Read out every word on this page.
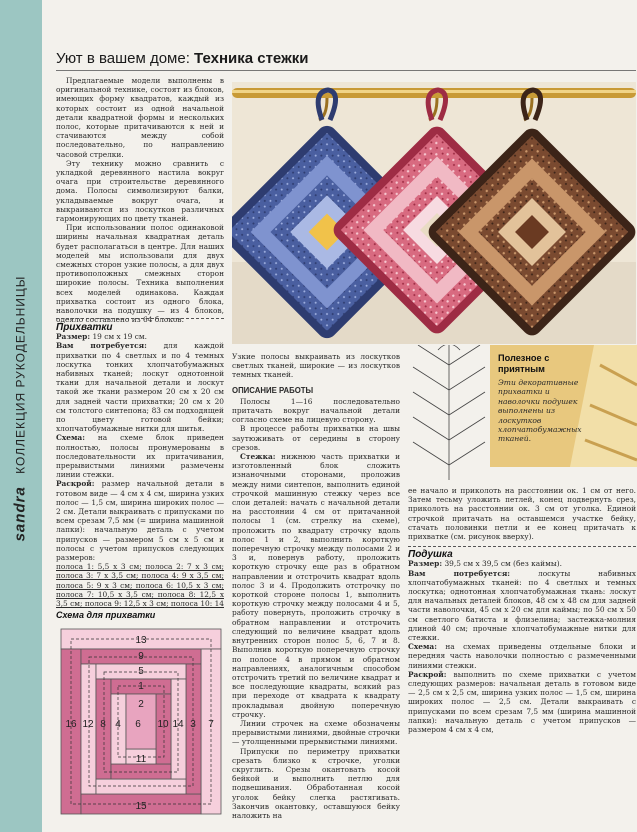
sandra КОЛЛЕКЦИЯ РУКОДЕЛЬНИЦЫ
Уют в вашем доме: Техника стежки

Предлагаемые модели выполнены в оригинальной технике, состоят из блоков, имеющих форму квадратов, каждый из которых состоит из одной начальной детали квадратной формы и нескольких полос, которые притачиваются к ней и стачиваются между собой последовательно, по направлению часовой стрелки.

Эту технику можно сравнить с укладкой деревянного настила вокруг очага при строительстве деревянного дома. Полосы символизируют балки, укладываемые вокруг очага, и выкраиваются из лоскутков различных гармонирующих по цвету тканей.

При использовании полос одинаковой ширины начальная квадратная деталь будет располагаться в центре. Для наших моделей мы использовали для двух смежных сторон узкие полосы, а для двух противоположных смежных сторон широкие полосы. Техника выполнения всех моделей одинакова. Каждая прихватка состоит из одного блока, наволочки на подушку — из 4 блоков, одеяло составлено из 64 блоков.

Полезное с приятным
Эти декоративные прихватки и наволочки подушек выполнены из лоскутков хлопчатобумажных тканей.
Прихватки

Размер: 19 см х 19 см.

Вам потребуется: для каждой прихватки по 4 светлых и по 4 темных лоскутка тонких хлопчатобумажных набивных тканей; лоскут однотонной ткани для начальной детали и лоскут такой же ткани размером 20 см х 20 см для задней части прихватки; 20 см х 20 см толстого синтепона; 83 см подходящей по цвету готовой бейки; хлопчатобумажные нитки для шитья.

Схема: на схеме блок приведен полностью, полосы пронумерованы в последовательности их притачивания, прерывистыми линиями размечены линии стежки.

Раскрой: размер начальной детали в готовом виде — 4 см х 4 см, ширина узких полос — 1,5 см, ширина широких полос — 2 см. Детали выкраивать с припусками по всем срезам 7,5 мм (= ширина машинной лапки): начальную деталь с учетом припусков — размером 5 см х 5 см и полосы с учетом припусков следующих размеров:

полоса 1: 5,5 х 3 см; полоса 2: 7 х 3 см; полоса 3: 7 х 3,5 см; полоса 4: 9 х 3,5 см; полоса 5: 9 х 3 см; полоса 6: 10,5 х 3 см; полоса 7: 10,5 х 3,5 см; полоса 8: 12,5 х 3,5 см; полоса 9: 12,5 х 3 см; полоса 10: 14

Схема для прихватки
13
9
5
1
2
16 12 8 4 6 10 14 3 7
11
15

Узкие полосы выкраивать из лоскутков светлых тканей, широкие — из лоскутков темных тканей.

ОПИСАНИЕ РАБОТЫ

Полосы 1—16 последовательно притачать вокруг начальной детали согласно схеме на лицевую сторону.

В процессе работы прихватки на швы заутюживать от середины в сторону срезов.

Стежка: нижнюю часть прихватки и изготовленный блок сложить изнаночными сторонами, проложив между ними синтепон, выполнить единой строчкой машинную стежку через все слои деталей: начать с начальной детали на расстоянии 4 см от притачанной полосы 1 (см. стрелку на схеме), проложить по квадрату строчку вдоль полос 1 и 2, выполнить короткую поперечную строчку между полосами 2 и 3 и, повернув работу, проложить короткую строчку еще раз в обратном направлении и отстрочить квадрат вдоль полос 3 и 4. Продолжить отстрочку по короткой стороне полосы 1, выполнить короткую строчку между полосами 4 и 5, работу повернуть, проложить строчку в обратном направлении и отстрочить следующий по величине квадрат вдоль внутренних сторон полос 5, 6, 7 и 8. Выполнив короткую поперечную строчку по полосе 4 в прямом и обратном направлениях, аналогичным способом отстрочить третий по величине квадрат и все последующие квадраты, всякий раз при переходе от квадрата к квадрату прокладывая двойную поперечную строчку.

Линии строчек на схеме обозначены прерывистыми линиями, двойные строчки — утолщенными прерывистыми линиями.

Припуски по периметру прихватки срезать близко к строчке, уголки скруглить. Срезы окантовать косой бейкой и выполнить петлю для подвешивания. Обработанная косой уголок бейку слегка растягивать. Закончив окантовку, оставшуюся бейку наложить на

ее начало и приколоть на расстоянии ок. 1 см от него. Затем тесьму уложить петлей, конец подвернуть срез, приколоть на расстоянии ок. 3 см от уголка. Единой строчкой притачать на оставшемся участке бейку, стачать половинки петли и ее конец притачать к прихватке (см. рисунок вверху).

Подушка

Размер: 39,5 см х 39,5 см (без каймы).

Вам потребуется:	лоскуты набивных хлопчатобумажных тканей: по 4 светлых и темных лоскутка; однотонная хлопчатобумажная ткань: лоскут для начальных деталей блоков, 48 см х 48 см для задней части наволочки, 45 см х 20 см для каймы; по 50 см х 50 см светлого батиста и флизелина; застежка-молния длиной 40 см; прочные хлопчатобумажные нитки для стежки.

Схема: на схемах приведены отдельные блоки и передняя часть наволочки полностью с размеченными линиями стежки.

Раскрой: выполнить по схеме прихватки с учетом следующих размеров: начальная деталь в готовом виде — 2,5 см х 2,5 см, ширина узких полос — 1,5 см, ширина широких полос — 2,5 см. Детали выкраивать с припусками по всем срезам 7,5 мм (ширина машинной лапки): начальную деталь с учетом припусков — размером 4 см х 4 см,
